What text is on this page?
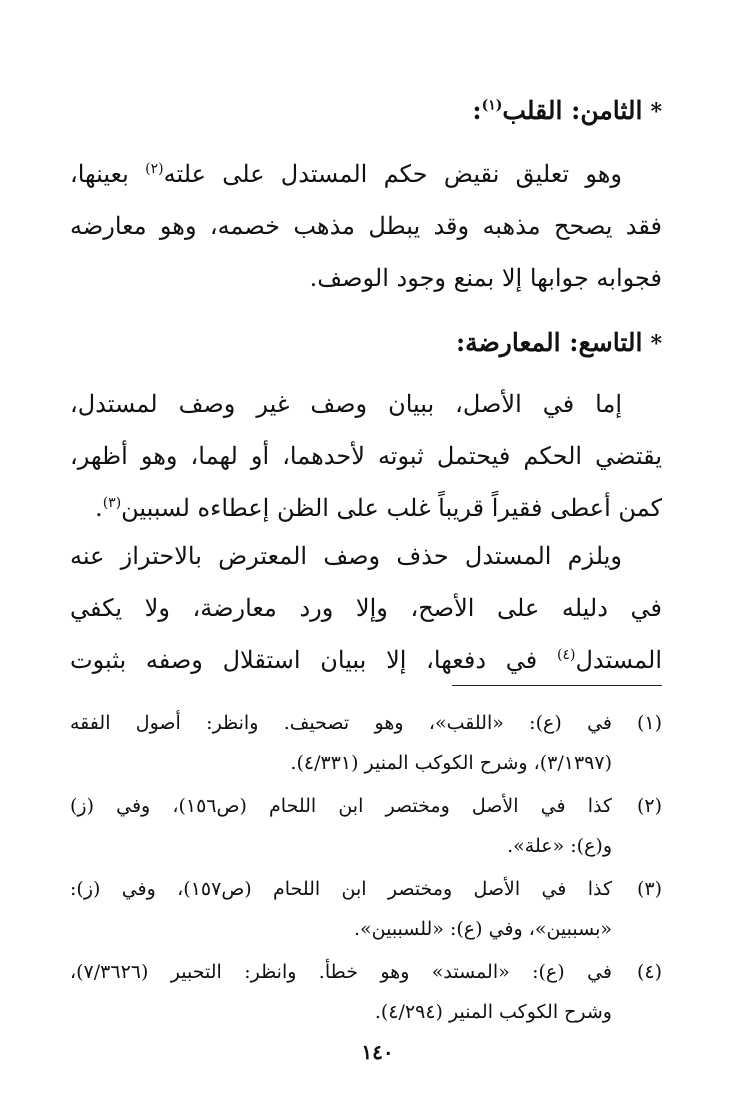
*الثامن: القلب$^{(١)}$:
وهو تعليق نقيض حكم المستدل على علته$^{(٢)}$ بعينها،
فقد يصحح مذهبه وقد يبطل مذهب خصمه، وهو معارضه
فجوابه جوابها إلا بمنع وجود الوصف.
*التاسع: المعارضة:
إما في الأصل، ببيان وصف غير وصف لمستدل،
يقتضي الحكم فيحتمل ثبوته لأحدهما، أو لهما، وهو أظهر،
كمن أعطى فقيراً قريباً غلب على الظن إعطاءه لسببين$^{(٣)}$.
ويلزم المستدل حذف وصف المعترض بالاحتراز عنه
في دليله على الأصح، وإلا ورد معارضة، ولا يكفي
المستدل$^{(٤)}$ في دفعها، إلا ببيان استقلال وصفه بثبوت
(١)
في (ع): «اللقب»، وهو تصحيف. وانظر: أصول الفقه
(٣/١٣٩٧)، وشرح الكوكب المنير (٤/٣٣١).
(٢)
كذا في الأصل ومختصر ابن اللحام (ص١٥٦)، وفي (ز)
و(ع): «علة».
(٣)
كذا في الأصل ومختصر ابن اللحام (ص١٥٧)، وفي (ز):
«بسببين»، وفي (ع): «للسببين».
(٤)
في (ع): «المستد» وهو خطأ. وانظر: التحبير (٧/٣٦٢٦)،
وشرح الكوكب المنير (٤/٢٩٤).
١٤٠
